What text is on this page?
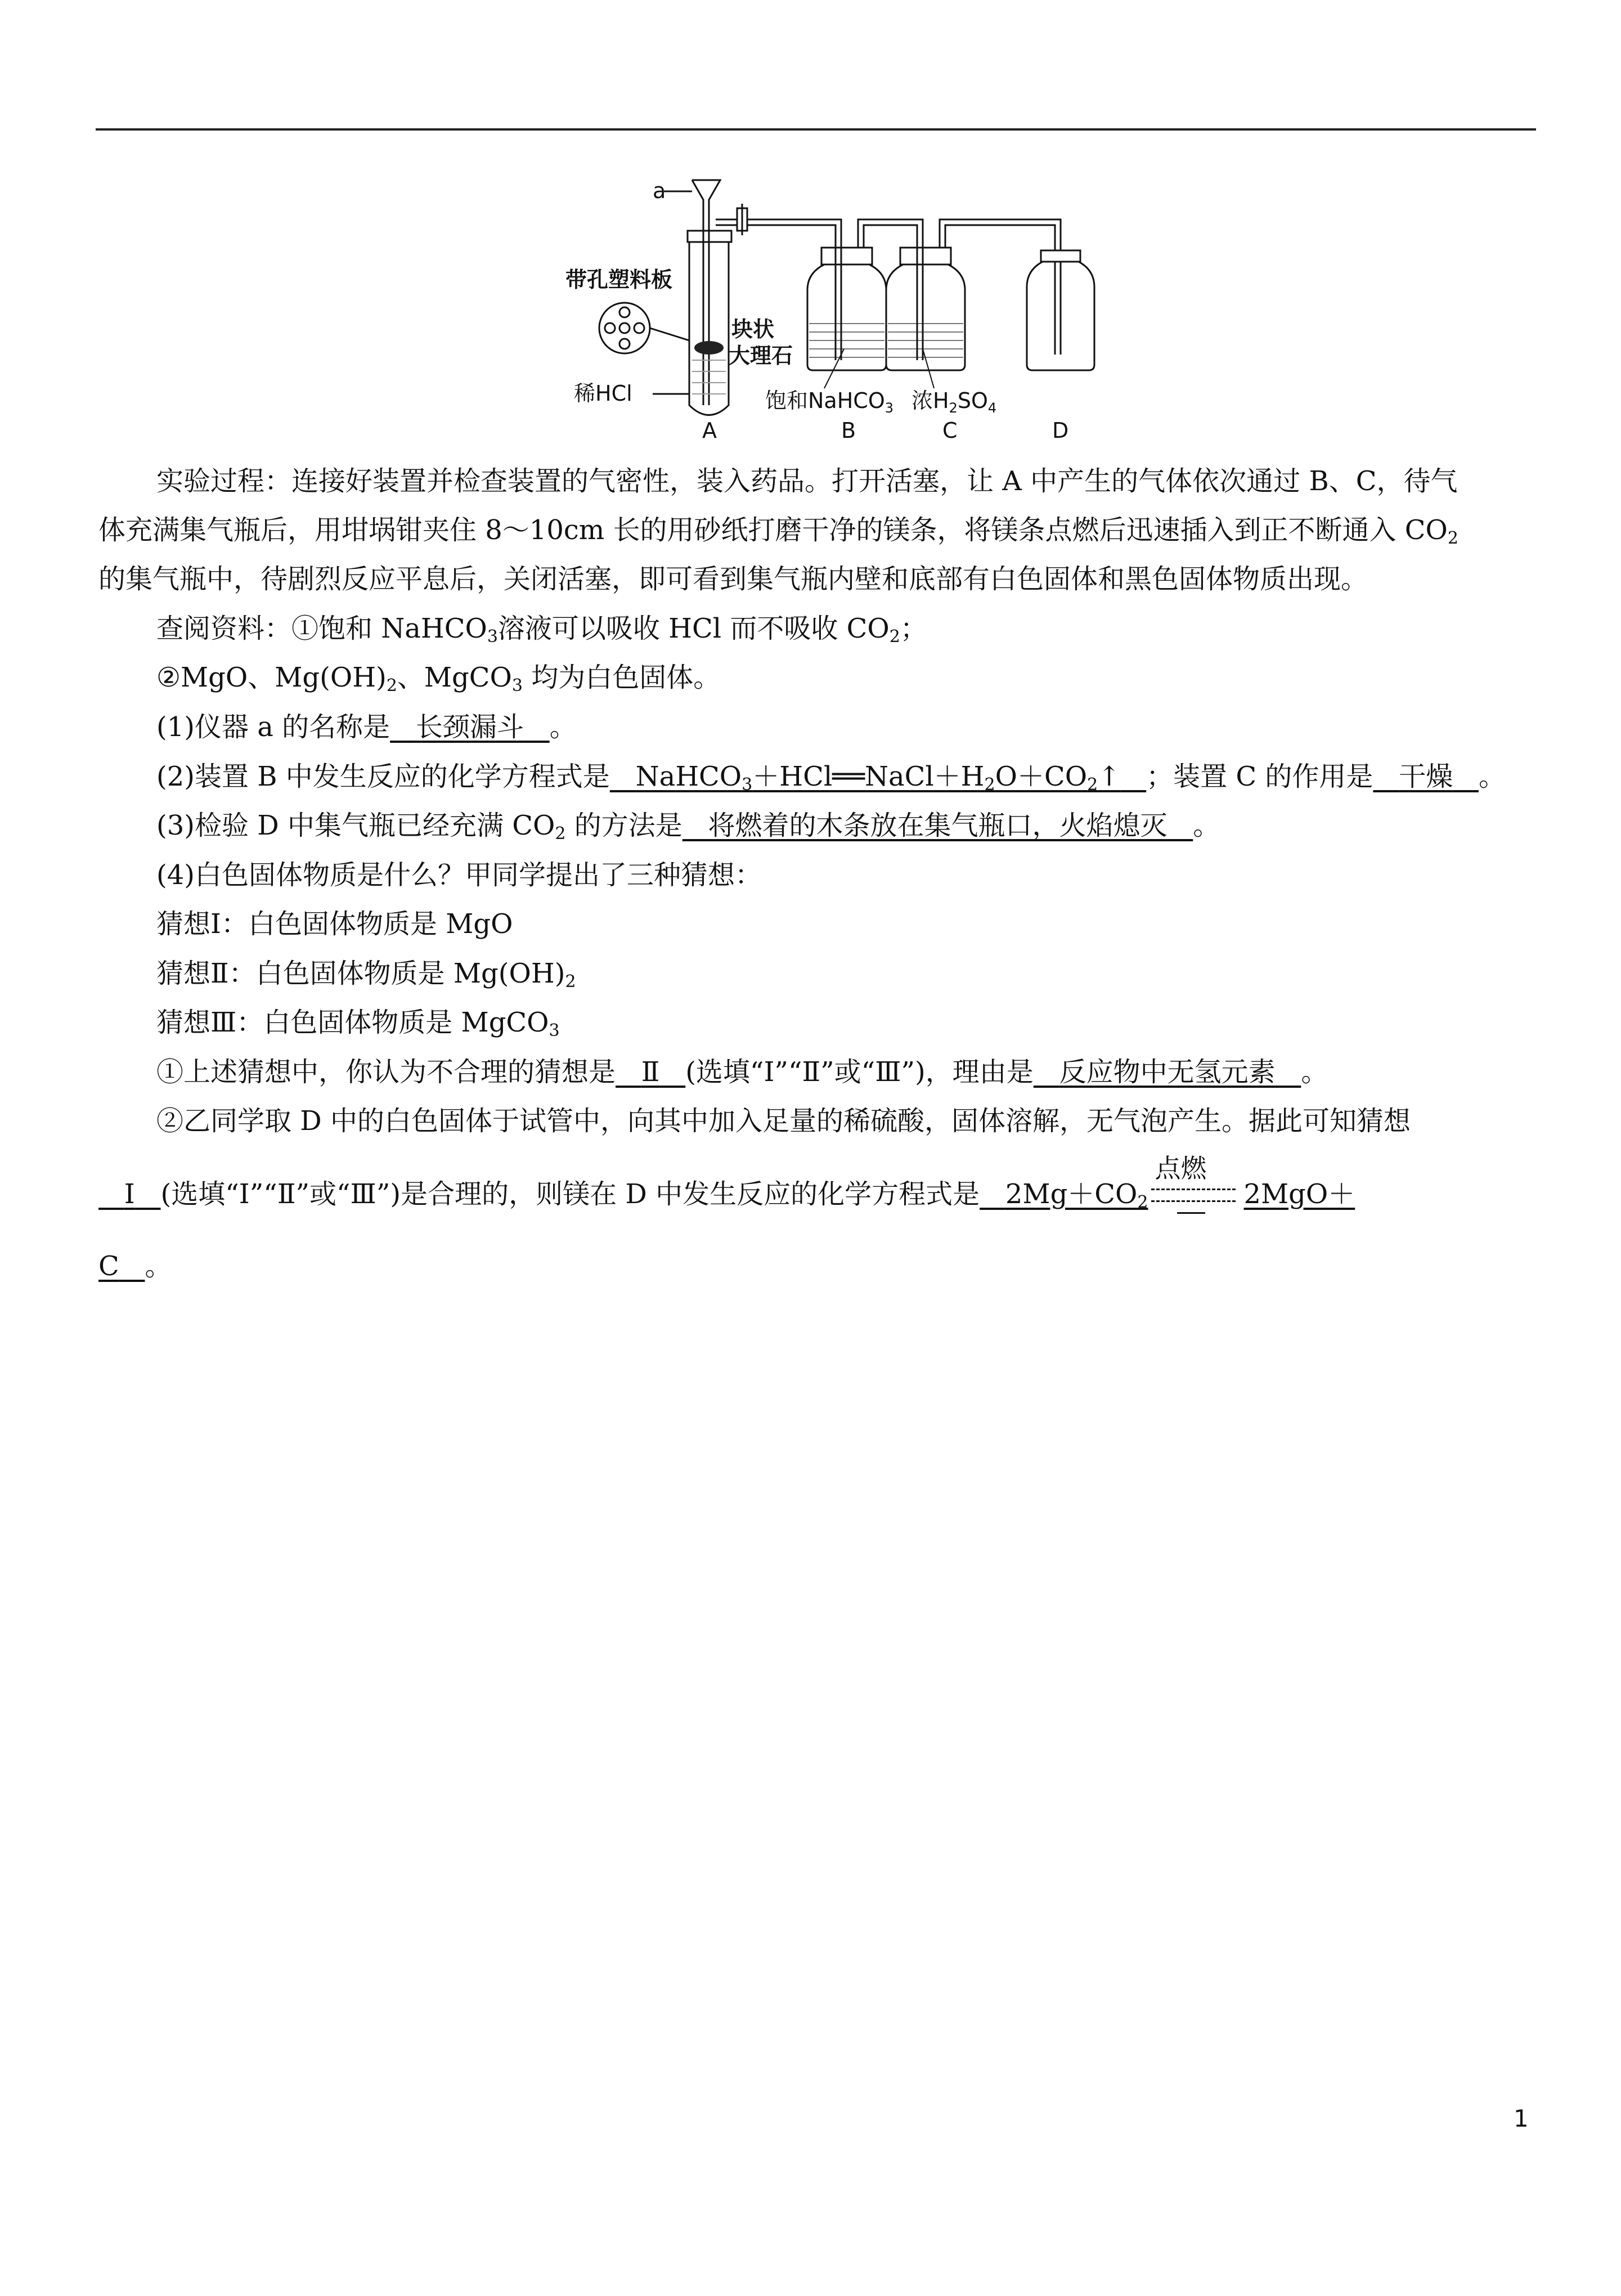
a
带孔塑料板
块状
大理石
稀HCl	饱和NaHCO$_3$ 浓$H_2SO_4$
A	B	C	D
实验过程：连接好装置并检查装置的气密性，装入药品。打开活塞，让 A 中产生的气体依次通过 B、C，待气
体充满集气瓶后，用坩埚钳夹住 8～10cm 长的用砂纸打磨干净的镁条，将镁条点燃后迅速插入到正不断通入 $CO_2$
的集气瓶中，待剧烈反应平息后，关闭活塞，即可看到集气瓶内壁和底部有白色固体和黑色固体物质出现。
查阅资料：①饱和 NaHCO$_3$溶液可以吸收 HCl 而不吸收 $CO_2$；
②MgO、$Mg(OH)_2$、MgCO$_3$ 均为白色固体。
(1)仪器 a 的名称是 长颈漏斗 。
(2)装置 B 中发生反应的化学方程式是 $NaHCO_3+HCl══NaCl+H_2O+CO_2↑$ ；装置 C 的作用是 干燥 。
(3)检验 D 中集气瓶已经充满 $CO_2$ 的方法是 将燃着的木条放在集气瓶口，火焰熄灭 。
(4)白色固体物质是什么？甲同学提出了三种猜想：
猜想Ⅰ：白色固体物质是 MgO
猜想Ⅱ：白色固体物质是 $Mg(OH)_2$
猜想Ⅲ：白色固体物质是 MgCO$_3$
①上述猜想中，你认为不合理的猜想是 Ⅱ (选填“Ⅰ”“Ⅱ”或“Ⅲ”)，理由是 反应物中无氢元素 。
②乙同学取 D 中的白色固体于试管中，向其中加入足量的稀硫酸，固体溶解，无气泡产生。据此可知猜想
Ⅰ (选填“Ⅰ”“Ⅱ”或“Ⅲ”)是合理的，则镁在 D 中发生反应的化学方程式是 $2Mg+CO_2$
点燃
2MgO＋
C 。
1
